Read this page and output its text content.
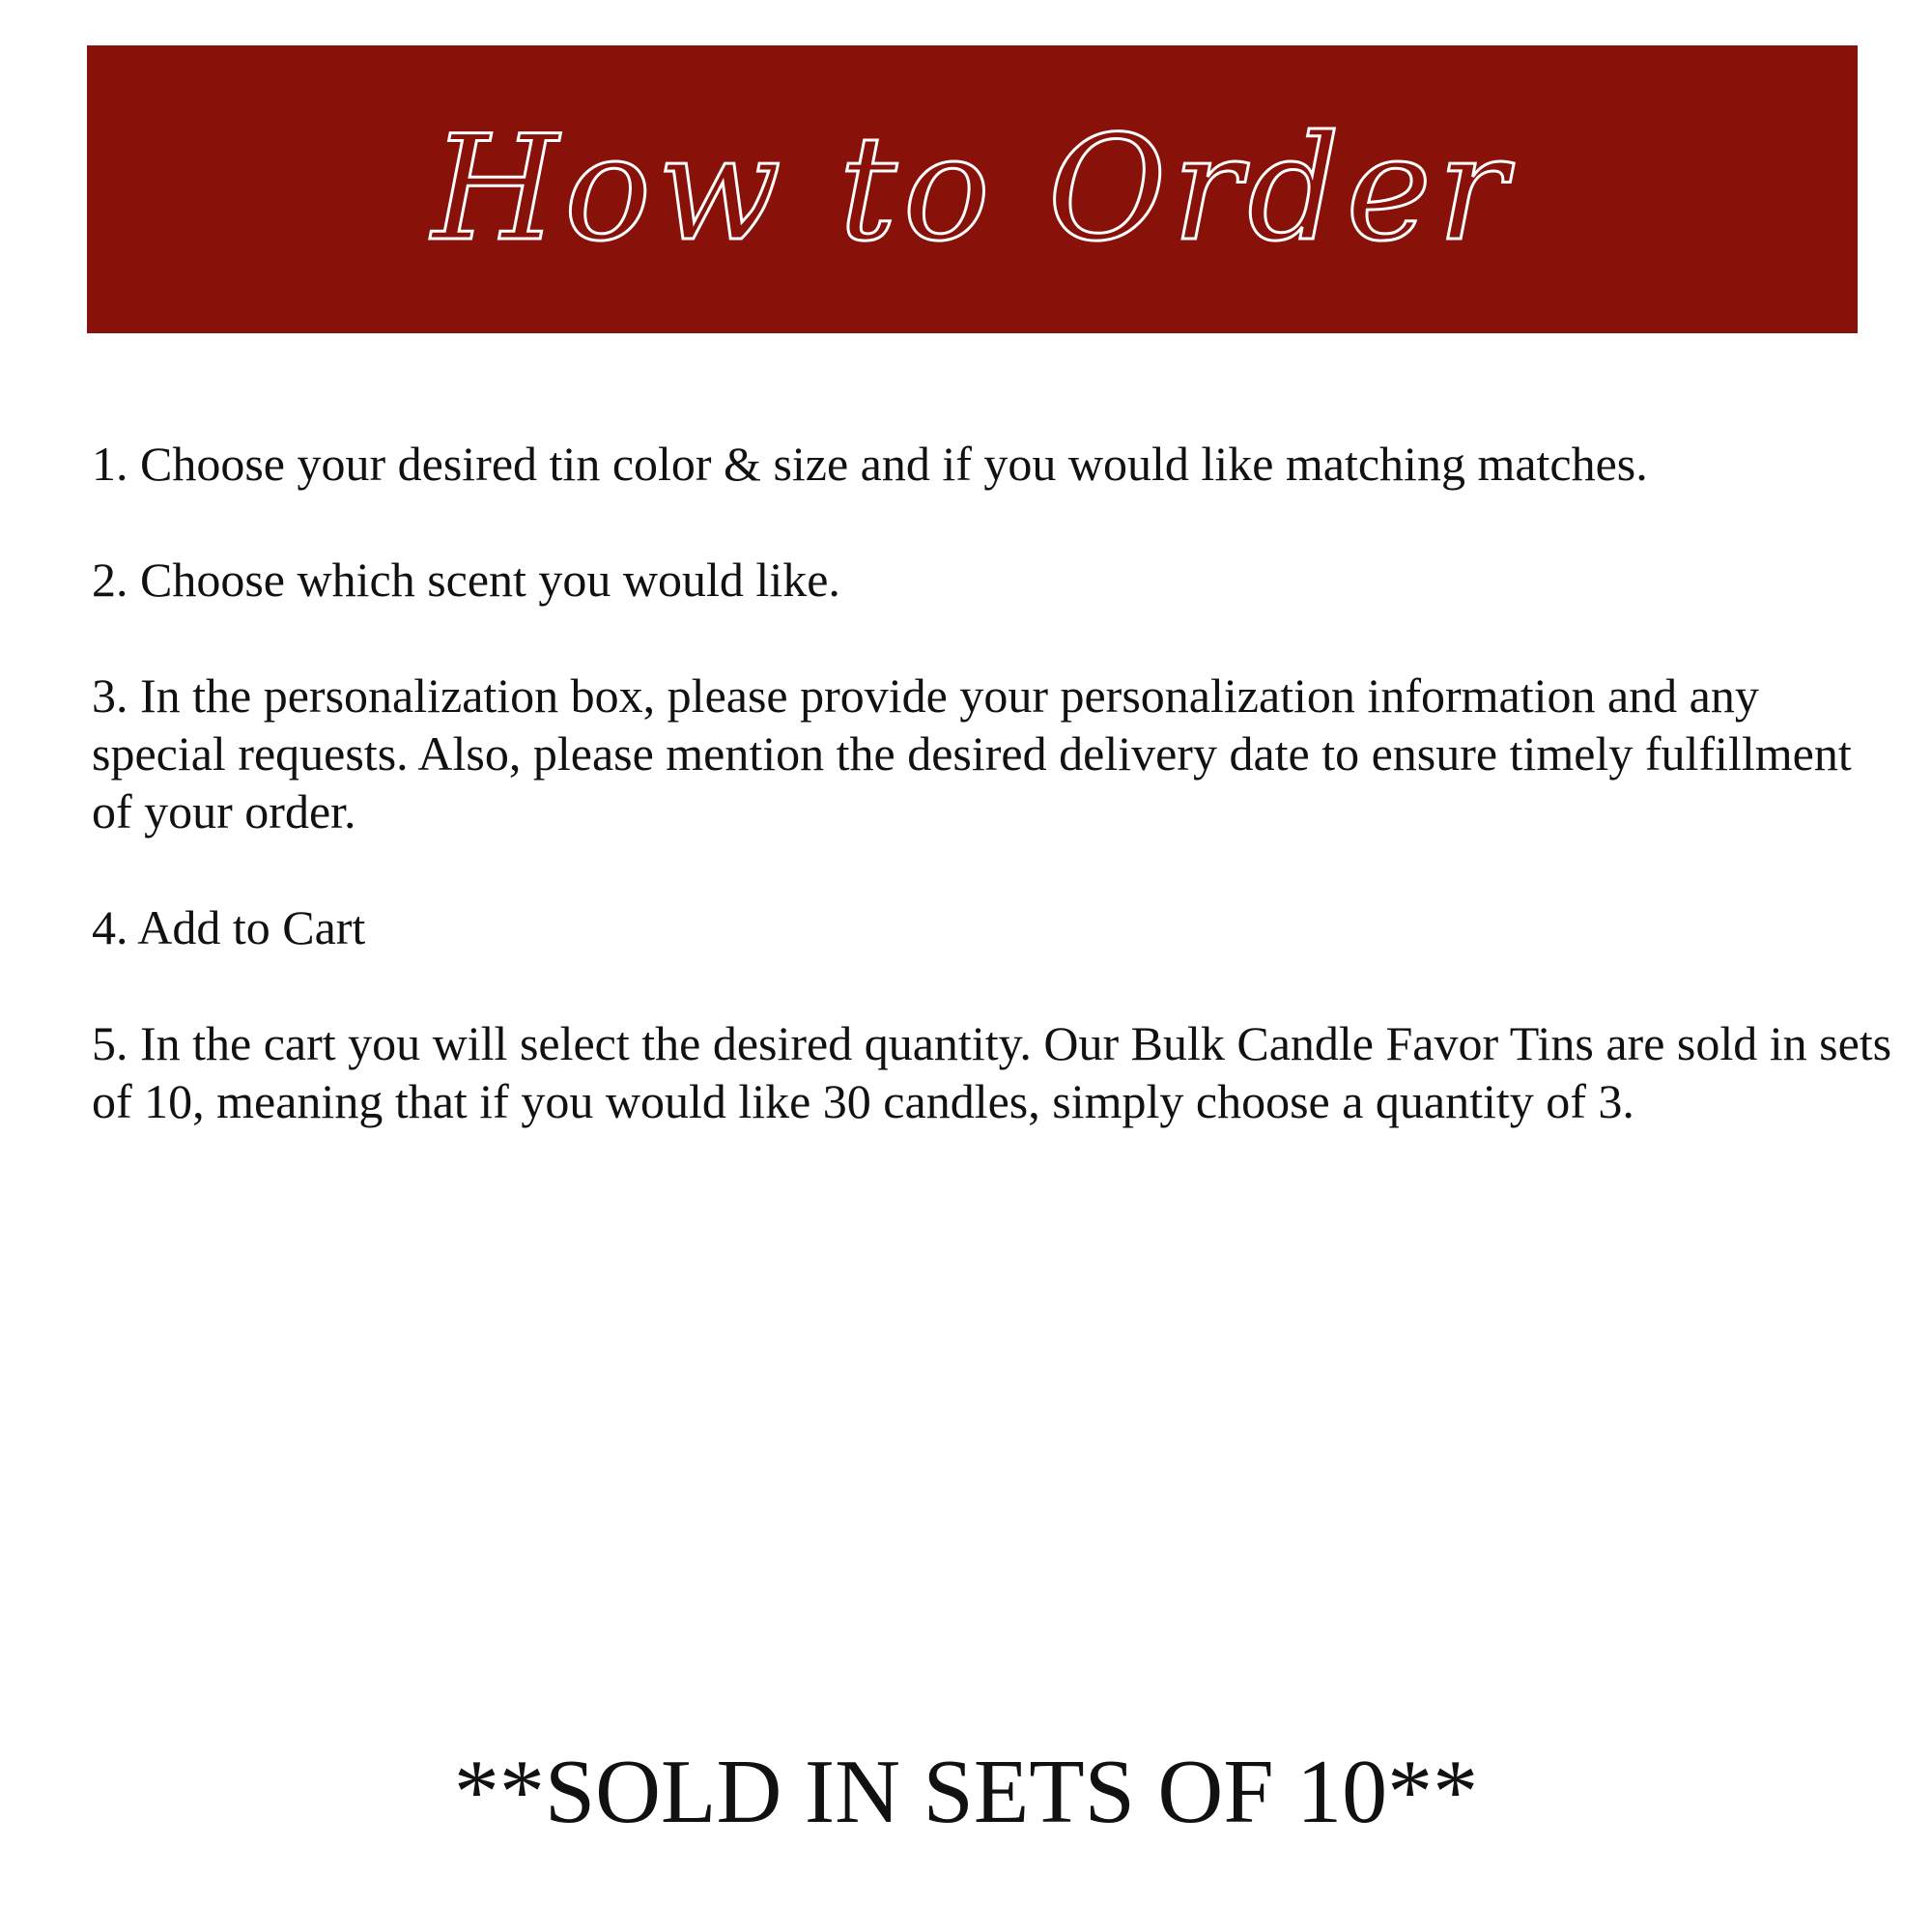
How to Order
1. Choose your desired tin color & size and if you would like matching matches.
2. Choose which scent you would like.
3. In the personalization box, please provide your personalization information and any special requests. Also, please mention the desired delivery date to ensure timely fulfillment of your order.
4. Add to Cart
5. In the cart you will select the desired quantity. Our Bulk Candle Favor Tins are sold in sets of 10, meaning that if you would like 30 candles, simply choose a quantity of 3.
**SOLD IN SETS OF 10**
